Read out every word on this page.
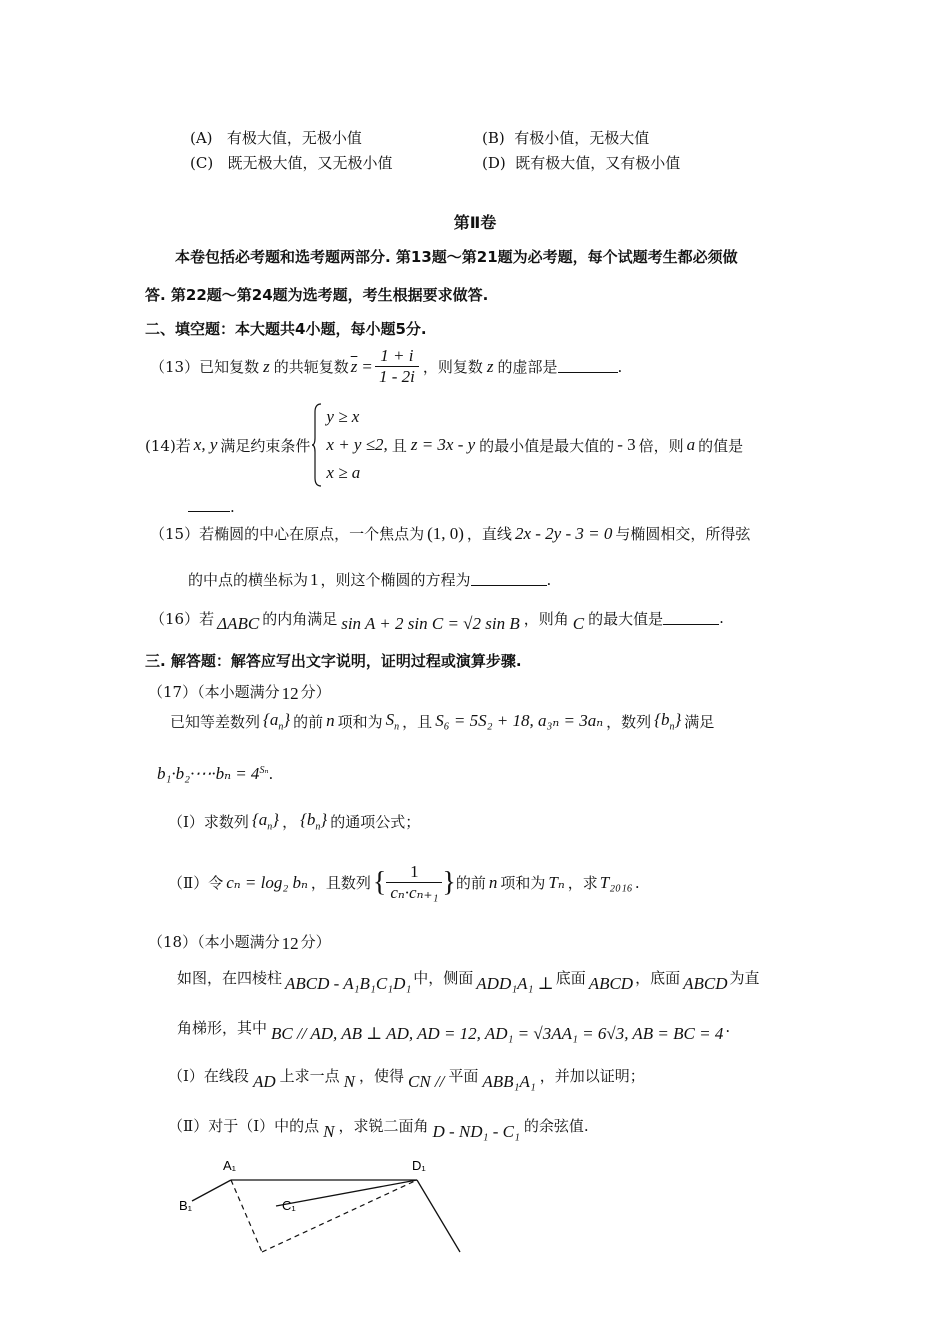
(A) 有极大值，无极小值	(B) 有极小值，无极大值
(C) 既无极大值，又无极小值	(D) 既有极大值，又有极小值
第Ⅱ卷
本卷包括必考题和选考题两部分. 第13题～第21题为必考题，每个试题考生都必须做
答. 第22题～第24题为选考题，考生根据要求做答.
二、填空题：本大题共4小题，每小题5分.
（13）已知复数 z 的共轭复数 $\overline{z} = \frac{1 + i}{1 - 2i}$ ，则复数 z 的虚部是	.
(14)若 x, y 满足约束条件
y ≥ x
x + y ≤2,
x ≥ a
且 z = 3x - y 的最小值是最大值的 - 3 倍，则 a 的值是
.
（15）若椭圆的中心在原点，一个焦点为 (1, 0) ，直线 2x - 2y - 3 = 0 与椭圆相交，所得弦
的中点的横坐标为 1 ，则这个椭圆的方程为	.
（16）若 ΔABC 的内角满足 sin A + 2 sin C = √2 sin B ，则角 C 的最大值是	.
三. 解答题：解答应写出文字说明，证明过程或演算步骤.
（17）（本小题满分 12 分）
已知等差数列 $\{a_n\}$ 的前 n 项和为 $S_n$ ，且 S₆ = 5S₂ + 18, a₃ₙ = 3aₙ ，数列 $\{b_n\}$ 满足
b₁·b₂·⋯·bₙ = $4^{S_n}$.
（Ⅰ）求数列 $\{a_n\}$ ， $\{b_n\}$ 的通项公式；
（Ⅱ）令 cₙ = log₂ bₙ ，且数列 { $\frac{1}{\text{cₙ·cₙ₊₁}}$ } 的前 n 项和为 Tₙ ，求 T₂₀₁₆ .
（18）（本小题满分 12 分）
如图，在四棱柱 ABCD - A₁B₁C₁D₁ 中，侧面 ADD₁A₁ ⊥ 底面 ABCD ，底面 ABCD 为直
角梯形，其中 BC // AD, AB ⊥ AD, AD = 12, AD₁ = √3AA₁ = 6√3, AB = BC = 4 .
（Ⅰ）在线段 AD 上求一点 N ，使得 CN // 平面 ABB₁A₁ ，并加以证明；
（Ⅱ）对于（Ⅰ）中的点 N ，求锐二面角 D - ND₁ - C₁ 的余弦值.
A₁	D₁
B₁	C₁
